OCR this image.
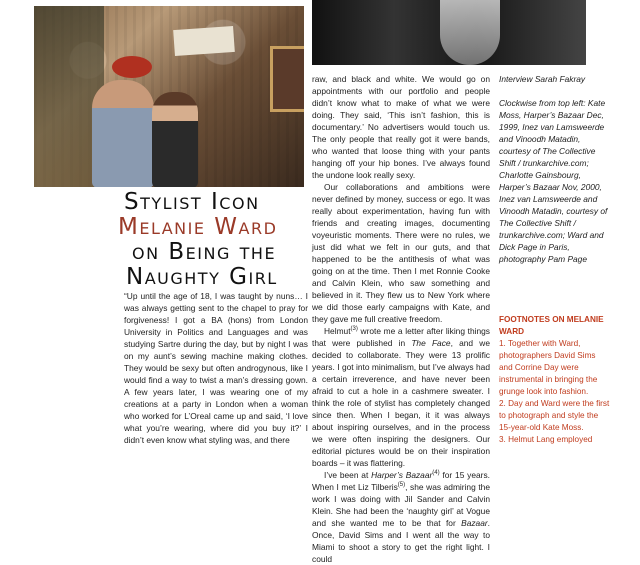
Stylist Icon
Melanie Ward
on Being the
Naughty Girl

“Up until the age of 18, I was taught by nuns… I was always getting sent to the chapel to pray for forgiveness! I got a BA (hons) from London University in Politics and Languages and was studying Sartre during the day, but by night I was on my aunt’s sewing machine making clothes. They would be sexy but often androgynous, like I would find a way to twist a man’s dressing gown. A few years later, I was wearing one of my creations at a party in London when a woman who worked for L’Oreal came up and said, ‘I love what you’re wearing, where did you buy it?’ I didn’t even know what styling was, and there

raw, and black and white. We would go on appointments with our portfolio and people didn’t know what to make of what we were doing. They said, ‘This isn’t fashion, this is documentary.’ No advertisers would touch us. The only people that really got it were bands, who wanted that loose thing with your pants hanging off your hip bones. I’ve always found the undone look really sexy.

Our collaborations and ambitions were never defined by money, success or ego. It was really about experimentation, having fun with friends and creating images, documenting voyeuristic moments. There were no rules, we just did what we felt in our guts, and that happened to be the antithesis of what was going on at the time. Then I met Ronnie Cooke and Calvin Klein, who saw something and believed in it. They flew us to New York where we did those early campaigns with Kate, and they gave me full creative freedom.

Helmut$^{(3)}$ wrote me a letter after liking things that were published in The Face, and we decided to collaborate. They were 13 prolific years. I got into minimalism, but I’ve always had a certain irreverence, and have never been afraid to cut a hole in a cashmere sweater. I think the role of stylist has completely changed since then. When I began, it it was always about inspiring ourselves, and in the process we were often inspiring the designers. Our editorial pictures would be on their inspiration boards – it was flattering.

I’ve been at Harper’s Bazaar$^{(4)}$ for 15 years. When I met Liz Tilberis$^{(5)}$, she was admiring the work I was doing with Jil Sander and Calvin Klein. She had been the ‘naughty girl’ at Vogue and she wanted me to be that for Bazaar. Once, David Sims and I went all the way to Miami to shoot a story to get the right light. I could

Interview Sarah Fakray
Clockwise from top left: Kate Moss, Harper’s Bazaar Dec, 1999, Inez van Lamsweerde and Vinoodh Matadin, courtesy of The Collective Shift / trunkarchive.com; Charlotte Gainsbourg, Harper’s Bazaar Nov, 2000, Inez van Lamsweerde and Vinoodh Matadin, courtesy of The Collective Shift / trunkarchive.com; Ward and Dick Page in Paris, photography Pam Page
FOOTNOTES ON MELANIE WARD
1. Together with Ward, photographers David Sims and Corrine Day were instrumental in bringing the grunge look into fashion.
2. Day and Ward were the first to photograph and style the 15-year-old Kate Moss.
3. Helmut Lang employed
